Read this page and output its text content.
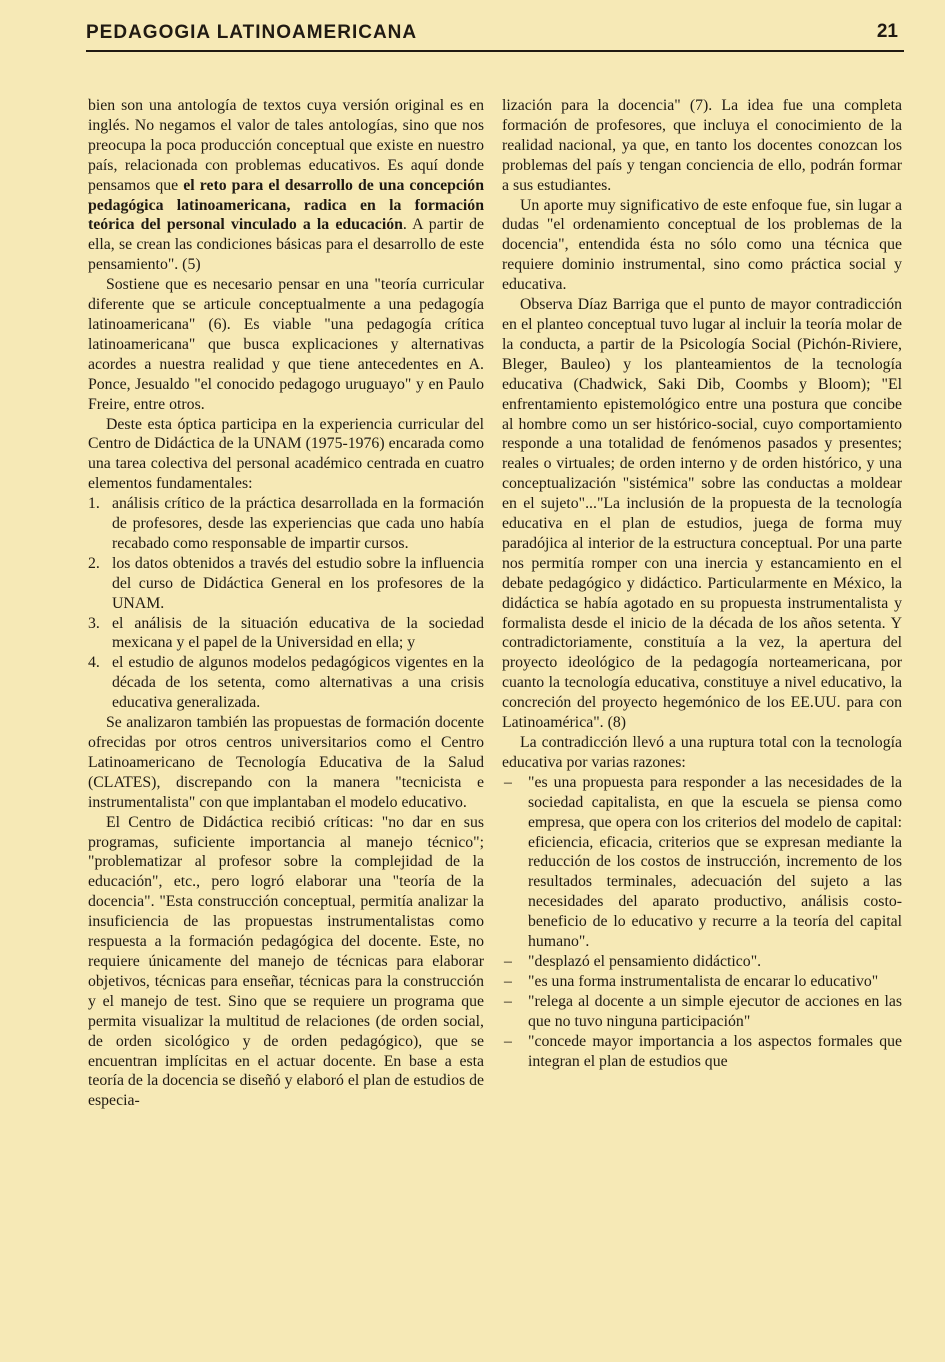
PEDAGOGIA LATINOAMERICANA	21

bien son una antología de textos cuya versión original es en inglés. No negamos el valor de tales antologías, sino que nos preocupa la poca producción conceptual que existe en nuestro país, relacionada con problemas educativos. Es aquí donde pensamos que el reto para el desarrollo de una concepción pedagógica latinoamericana, radica en la formación teórica del personal vinculado a la educación. A partir de ella, se crean las condiciones básicas para el desarrollo de este pensamiento". (5)

Sostiene que es necesario pensar en una "teoría curricular diferente que se articule conceptualmente a una pedagogía latinoamericana" (6). Es viable "una pedagogía crítica latinoamericana" que busca explicaciones y alternativas acordes a nuestra realidad y que tiene antecedentes en A. Ponce, Jesualdo "el conocido pedagogo uruguayo" y en Paulo Freire, entre otros.

Deste esta óptica participa en la experiencia curricular del Centro de Didáctica de la UNAM (1975-1976) encarada como una tarea colectiva del personal académico centrada en cuatro elementos fundamentales:

1. análisis crítico de la práctica desarrollada en la formación de profesores, desde las experiencias que cada uno había recabado como responsable de impartir cursos.
2. los datos obtenidos a través del estudio sobre la influencia del curso de Didáctica General en los profesores de la UNAM.
3. el análisis de la situación educativa de la sociedad mexicana y el papel de la Universidad en ella; y
4. el estudio de algunos modelos pedagógicos vigentes en la década de los setenta, como alternativas a una crisis educativa generalizada.

Se analizaron también las propuestas de formación docente ofrecidas por otros centros universitarios como el Centro Latinoamericano de Tecnología Educativa de la Salud (CLATES), discrepando con la manera "tecnicista e instrumentalista" con que implantaban el modelo educativo.

El Centro de Didáctica recibió críticas: "no dar en sus programas, suficiente importancia al manejo técnico"; "problematizar al profesor sobre la complejidad de la educación", etc., pero logró elaborar una "teoría de la docencia". "Esta construcción conceptual, permitía analizar la insuficiencia de las propuestas instrumentalistas como respuesta a la formación pedagógica del docente. Este, no requiere únicamente del manejo de técnicas para elaborar objetivos, técnicas para enseñar, técnicas para la construcción y el manejo de test. Sino que se requiere un programa que permita visualizar la multitud de relaciones (de orden social, de orden sicológico y de orden pedagógico), que se encuentran implícitas en el actuar docente. En base a esta teoría de la docencia se diseñó y elaboró el plan de estudios de especia-

lización para la docencia" (7). La idea fue una completa formación de profesores, que incluya el conocimiento de la realidad nacional, ya que, en tanto los docentes conozcan los problemas del país y tengan conciencia de ello, podrán formar a sus estudiantes.

Un aporte muy significativo de este enfoque fue, sin lugar a dudas "el ordenamiento conceptual de los problemas de la docencia", entendida ésta no sólo como una técnica que requiere dominio instrumental, sino como práctica social y educativa.

Observa Díaz Barriga que el punto de mayor contradicción en el planteo conceptual tuvo lugar al incluir la teoría molar de la conducta, a partir de la Psicología Social (Pichón-Riviere, Bleger, Bauleo) y los planteamientos de la tecnología educativa (Chadwick, Saki Dib, Coombs y Bloom); "El enfrentamiento epistemológico entre una postura que concibe al hombre como un ser histórico-social, cuyo comportamiento responde a una totalidad de fenómenos pasados y presentes; reales o virtuales; de orden interno y de orden histórico, y una conceptualización "sistémica" sobre las conductas a moldear en el sujeto"..."La inclusión de la propuesta de la tecnología educativa en el plan de estudios, juega de forma muy paradójica al interior de la estructura conceptual. Por una parte nos permitía romper con una inercia y estancamiento en el debate pedagógico y didáctico. Particularmente en México, la didáctica se había agotado en su propuesta instrumentalista y formalista desde el inicio de la década de los años setenta. Y contradictoriamente, constituía a la vez, la apertura del proyecto ideológico de la pedagogía norteamericana, por cuanto la tecnología educativa, constituye a nivel educativo, la concreción del proyecto hegemónico de los EE.UU. para con Latinoamérica". (8)

La contradicción llevó a una ruptura total con la tecnología educativa por varias razones:

– "es una propuesta para responder a las necesidades de la sociedad capitalista, en que la escuela se piensa como empresa, que opera con los criterios del modelo de capital: eficiencia, eficacia, criterios que se expresan mediante la reducción de los costos de instrucción, incremento de los resultados terminales, adecuación del sujeto a las necesidades del aparato productivo, análisis costo-beneficio de lo educativo y recurre a la teoría del capital humano".
– "desplazó el pensamiento didáctico".
– "es una forma instrumentalista de encarar lo educativo"
– "relega al docente a un simple ejecutor de acciones en las que no tuvo ninguna participación"
– "concede mayor importancia a los aspectos formales que integran el plan de estudios que
